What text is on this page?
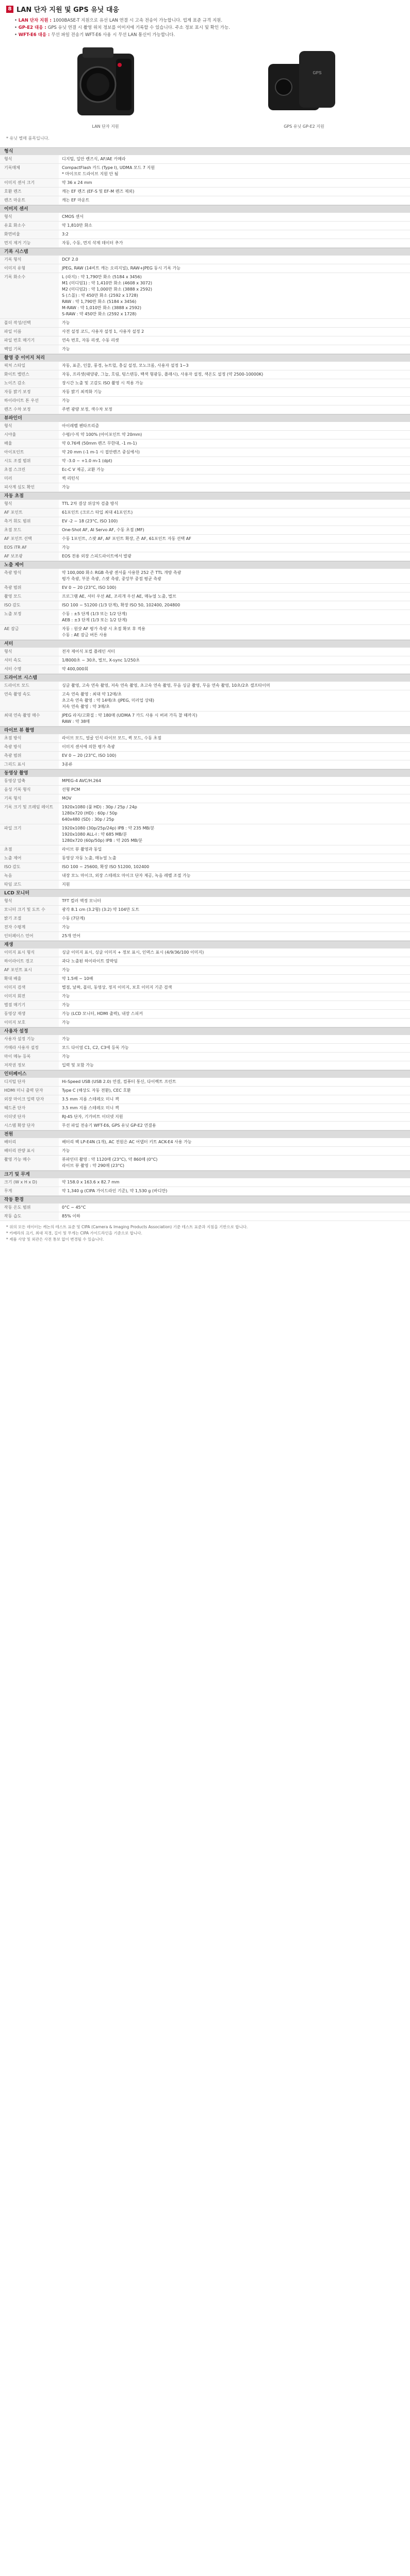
8 LAN 단자 지원 및 GPS 유닛 대응
• LAN 단자 지원 : 1000BASE-T 지원으로 유선 LAN 연결 시 고속 전송이 가능합니다. 업계 표준 규격 지원.
• GP-E2 대응 : GPS 유닛 연결 시 촬영 위치 정보를 이미지에 기록할 수 있습니다. 주소 정보 표시 및 확인 가능.
• WFT-E6 대응 : 무선 파일 전송기 WFT-E6 사용 시 무선 LAN 통신이 가능합니다.
LAN 단자 지원
GPS
GPS 유닛 GP-E2 지원
* 유닛 별매 품목입니다.
형식
형식	디지털, 일안 렌즈식, AF/AE 카메라
기록매체	CompactFlash 카드 (Type I), UDMA 모드 7 지원
* 마이크로 드라이브 지원 안 됨
이미지 센서 크기	약 36 x 24 mm
호환 렌즈	캐논 EF 렌즈 (EF-S 및 EF-M 렌즈 제외)
렌즈 마운트	캐논 EF 마운트
이미지 센서
형식	CMOS 센서
유효 화소수	약 1,810만 화소
화면비율	3:2
먼지 제거 기능	자동, 수동, 먼지 삭제 데이터 추가
기록 시스템
기록 형식	DCF 2.0
이미지 유형	JPEG, RAW (14비트 캐논 오리지널), RAW+JPEG 동시 기록 가능
기록 화소수	L (라지) : 약 1,790만 화소 (5184 x 3456)
M1 (미디엄1) : 약 1,410만 화소 (4608 x 3072)
M2 (미디엄2) : 약 1,000만 화소 (3888 x 2592)
S (스몰) : 약 450만 화소 (2592 x 1728)
RAW : 약 1,790만 화소 (5184 x 3456)
M-RAW : 약 1,010만 화소 (3888 x 2592)
S-RAW : 약 450만 화소 (2592 x 1728)
폴더 작성/선택	가능
파일 이름	사전 설정 코드, 사용자 설정 1, 사용자 설정 2
파일 번호 매기기	연속 번호, 자동 리셋, 수동 리셋
백업 기록	가능
촬영 중 이미지 처리
픽처 스타일	자동, 표준, 인물, 풍경, 뉴트럴, 충실 설정, 모노크롬, 사용자 설정 1~3
화이트 밸런스	자동, 프리셋(태양광, 그늘, 흐림, 텅스텐등, 백색 형광등, 플래시), 사용자 설정, 색온도 설정 (약 2500-10000K)
노이즈 감소	장시간 노출 및 고감도 ISO 촬영 시 적용 가능
자동 밝기 보정	자동 밝기 최적화 기능
하이라이트 톤 우선	가능
렌즈 수차 보정	주변 광량 보정, 색수차 보정
뷰파인더
형식	아이레벨 펜타프리즘
시야율	수평/수직 약 100% (아이포인트 약 20mm)
배율	약 0.76배 (50mm 렌즈 무한대, -1 m-1)
아이포인트	약 20 mm (-1 m-1 시 접안렌즈 중심에서)
시도 조절 범위	약 -3.0 ~ +1.0 m-1 (dpt)
초점 스크린	Ec-C V 제공, 교환 가능
미러	퀵 리턴식
피사계 심도 확인	가능
자동 초점
형식	TTL 2차 결상 위상차 검출 방식
AF 포인트	61포인트 (크로스 타입 최대 41포인트)
측거 휘도 범위	EV -2 ~ 18 (23°C, ISO 100)
초점 모드	One-Shot AF, AI Servo AF, 수동 초점 (MF)
AF 포인트 선택	수동 1포인트, 스팟 AF, AF 포인트 확장, 존 AF, 61포인트 자동 선택 AF
EOS iTR AF	가능
AF 보조광	EOS 전용 외장 스피드라이트에서 발광
노출 제어
측광 방식	약 100,000 화소 RGB 측광 센서를 사용한 252 존 TTL 개방 측광
평가 측광, 부분 측광, 스팟 측광, 중앙부 중점 평균 측광
측광 범위	EV 0 ~ 20 (23°C, ISO 100)
촬영 모드	프로그램 AE, 셔터 우선 AE, 조리개 우선 AE, 매뉴얼 노출, 벌브
ISO 감도	ISO 100 ~ 51200 (1/3 단계), 확장 ISO 50, 102400, 204800
노출 보정	수동 : ±5 단계 (1/3 또는 1/2 단계)
AEB : ±3 단계 (1/3 또는 1/2 단계)
AE 잠금	자동 : 원샷 AF 평가 측광 시 초점 확보 후 적용
수동 : AE 잠금 버튼 사용
셔터
형식	전자 제어식 포컬 플레인 셔터
셔터 속도	1/8000초 ~ 30초, 벌브, X-sync 1/250초
셔터 수명	약 400,000회
드라이브 시스템
드라이브 모드	싱글 촬영, 고속 연속 촬영, 저속 연속 촬영, 초고속 연속 촬영, 무음 싱글 촬영, 무음 연속 촬영, 10초/2초 셀프타이머
연속 촬영 속도	고속 연속 촬영 : 최대 약 12매/초
초고속 연속 촬영 : 약 14매/초 (JPEG, 미러업 상태)
저속 연속 촬영 : 약 3매/초
최대 연속 촬영 매수	JPEG 라지/고화질 : 약 180매 (UDMA 7 카드 사용 시 버퍼 가득 찰 때까지)
RAW : 약 38매
라이브 뷰 촬영
초점 방식	라이브 모드, 얼굴 인식 라이브 모드, 퀵 모드, 수동 초점
측광 방식	이미지 센서에 의한 평가 측광
측광 범위	EV 0 ~ 20 (23°C, ISO 100)
그리드 표시	3종류
동영상 촬영
동영상 압축	MPEG-4 AVC/H.264
음성 기록 형식	선형 PCM
기록 형식	MOV
기록 크기 및 프레임 레이트	1920x1080 (풀 HD) : 30p / 25p / 24p
1280x720 (HD) : 60p / 50p
640x480 (SD) : 30p / 25p
파일 크기	1920x1080 (30p/25p/24p) IPB : 약 235 MB/분
1920x1080 ALL-I : 약 685 MB/분
1280x720 (60p/50p) IPB : 약 205 MB/분
초점	라이브 뷰 촬영과 동일
노출 제어	동영상 자동 노출, 매뉴얼 노출
ISO 감도	ISO 100 ~ 25600, 확장 ISO 51200, 102400
녹음	내장 모노 마이크, 외장 스테레오 마이크 단자 제공, 녹음 레벨 조절 가능
타임 코드	지원
LCD 모니터
형식	TFT 컬러 액정 모니터
모니터 크기 및 도트 수	광각 8.1 cm (3.2형) (3:2) 약 104만 도트
밝기 조절	수동 (7단계)
전자 수평계	가능
인터페이스 언어	25개 언어
재생
이미지 표시 형식	싱글 이미지 표시, 싱글 이미지 + 정보 표시, 인덱스 표시 (4/9/36/100 이미지)
하이라이트 경고	과다 노출된 하이라이트 깜박임
AF 포인트 표시	가능
확대 배율	약 1.5배 ~ 10배
이미지 검색	별점, 날짜, 폴더, 동영상, 정지 이미지, 보호 이미지 기준 검색
이미지 회전	가능
별점 매기기	가능
동영상 재생	가능 (LCD 모니터, HDMI 출력), 내장 스피커
이미지 보호	가능
사용자 설정
사용자 설정 기능	가능
카메라 사용자 설정	모드 다이얼 C1, C2, C3에 등록 가능
마이 메뉴 등록	가능
저작권 정보	입력 및 포함 가능
인터페이스
디지털 단자	Hi-Speed USB (USB 2.0) 연결, 컴퓨터 통신, 다이렉트 프린트
HDMI 미니 출력 단자	Type C (해상도 자동 전환), CEC 호환
외장 마이크 입력 단자	3.5 mm 지름 스테레오 미니 잭
헤드폰 단자	3.5 mm 지름 스테레오 미니 잭
이더넷 단자	RJ-45 단자, 기가비트 이더넷 지원
시스템 확장 단자	무선 파일 전송기 WFT-E6, GPS 유닛 GP-E2 연결용
전원
배터리	배터리 팩 LP-E4N (1개), AC 전원은 AC 어댑터 키트 ACK-E4 사용 가능
배터리 잔량 표시	가능
촬영 가능 매수	뷰파인더 촬영 : 약 1120매 (23°C), 약 860매 (0°C)
라이브 뷰 촬영 : 약 290매 (23°C)
크기 및 무게
크기 (W x H x D)	약 158.0 x 163.6 x 82.7 mm
무게	약 1,340 g (CIPA 가이드라인 기준), 약 1,530 g (바디만)
작동 환경
작동 온도 범위	0°C ~ 45°C
작동 습도	85% 이하
* 위의 모든 데이터는 캐논의 테스트 표준 및 CIPA (Camera & Imaging Products Association) 기준 테스트 표준과 지침을 기반으로 합니다.
* 카메라의 크기, 최대 직경, 길이 및 무게는 CIPA 가이드라인을 기준으로 합니다.
* 제품 사양 및 외관은 사전 통보 없이 변경될 수 있습니다.
